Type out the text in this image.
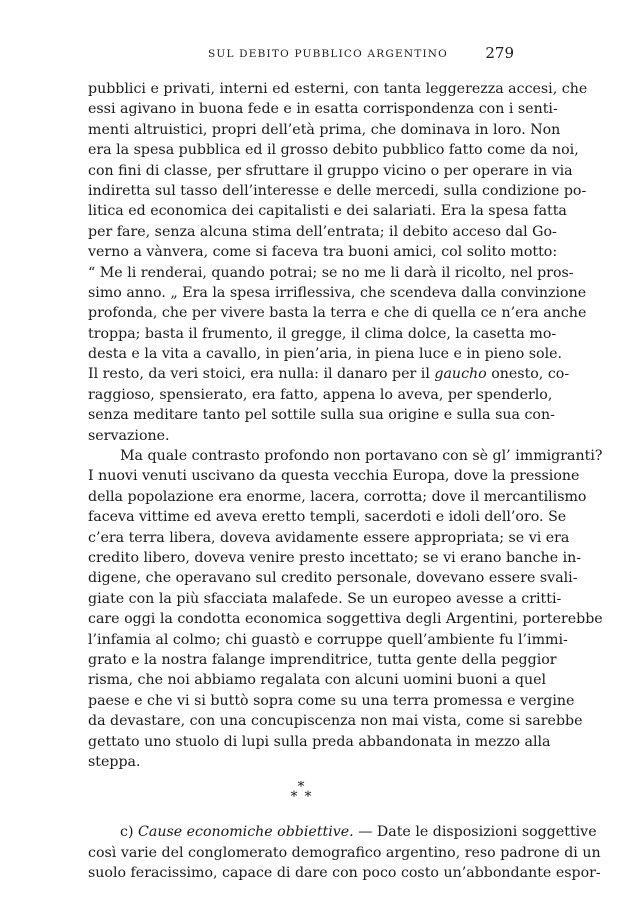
SUL DEBITO PUBBLICO ARGENTINO 279
pubblici e privati, interni ed esterni, con tanta leggerezza accesi, che
essi agivano in buona fede e in esatta corrispondenza con i senti-
menti altruistici, propri dell’età prima, che dominava in loro. Non
era la spesa pubblica ed il grosso debito pubblico fatto come da noi,
con fini di classe, per sfruttare il gruppo vicino o per operare in via
indiretta sul tasso dell’interesse e delle mercedi, sulla condizione po-
litica ed economica dei capitalisti e dei salariati. Era la spesa fatta
per fare, senza alcuna stima dell’entrata; il debito acceso dal Go-
verno a vànvera, come si faceva tra buoni amici, col solito motto:
“ Me li renderai, quando potrai; se no me li darà il ricolto, nel pros-
simo anno. „ Era la spesa irriflessiva, che scendeva dalla convinzione
profonda, che per vivere basta la terra e che di quella ce n’era anche
troppa; basta il frumento, il gregge, il clima dolce, la casetta mo-
desta e la vita a cavallo, in pien’aria, in piena luce e in pieno sole.
Il resto, da veri stoici, era nulla: il danaro per il gaucho onesto, co-
raggioso, spensierato, era fatto, appena lo aveva, per spenderlo,
senza meditare tanto pel sottile sulla sua origine e sulla sua con-
servazione.
Ma quale contrasto profondo non portavano con sè gl’ immigranti?
I nuovi venuti uscivano da questa vecchia Europa, dove la pressione
della popolazione era enorme, lacera, corrotta; dove il mercantilismo
faceva vittime ed aveva eretto templi, sacerdoti e idoli dell’oro. Se
c’era terra libera, doveva avidamente essere appropriata; se vi era
credito libero, doveva venire presto incettato; se vi erano banche in-
digene, che operavano sul credito personale, dovevano essere svali-
giate con la più sfacciata malafede. Se un europeo avesse a critti-
care oggi la condotta economica soggettiva degli Argentini, porterebbe
l’infamia al colmo; chi guastò e corruppe quell’ambiente fu l’immi-
grato e la nostra falange imprenditrice, tutta gente della peggior
risma, che noi abbiamo regalata con alcuni uomini buoni a quel
paese e che vi si buttò sopra come su una terra promessa e vergine
da devastare, con una concupiscenza non mai vista, come si sarebbe
gettato uno stuolo di lupi sulla preda abbandonata in mezzo alla
steppa.
*
* *
c) Cause economiche obbiettive. — Date le disposizioni soggettive
così varie del conglomerato demografico argentino, reso padrone di un
suolo feracissimo, capace di dare con poco costo un’abbondante espor-
